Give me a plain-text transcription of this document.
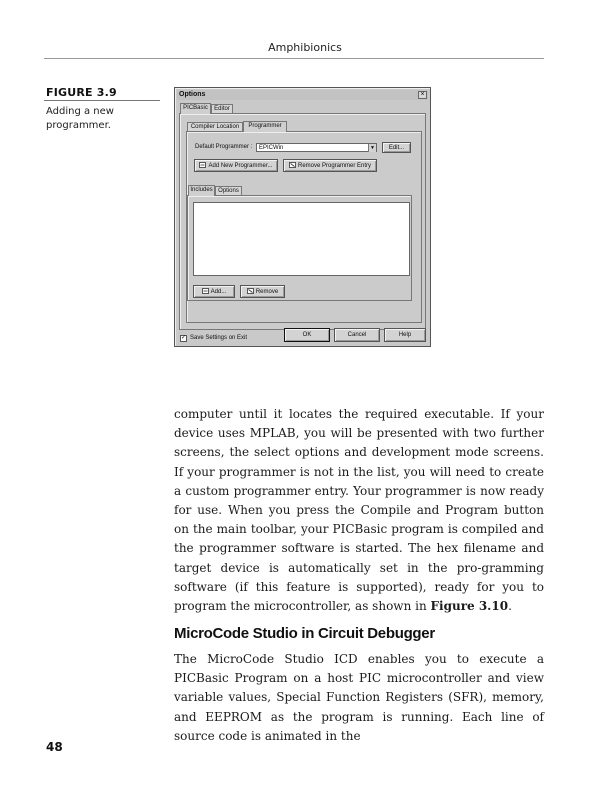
Amphibionics
FIGURE 3.9
Adding a new programmer.
Options	×
PICBasic	Editor
Compiler Location	Programmer
Default Programmer :	EPICWin	▼	Edit...
Add New Programmer...	Remove Programmer Entry
Includes Options
Add...	Remove
✓ Save Settings on Exit	OK	Cancel	Help

computer until it locates the required executable. If your device uses MPLAB, you will be presented with two further screens, the select options and development mode screens. If your programmer is not in the list, you will need to create a custom programmer entry. Your programmer is now ready for use. When you press the Compile and Program button on the main toolbar, your PICBasic program is compiled and the programmer software is started. The hex filename and target device is automatically set in the pro-gramming software (if this feature is supported), ready for you to program the microcontroller, as shown in Figure 3.10.

MicroCode Studio in Circuit Debugger

The MicroCode Studio ICD enables you to execute a PICBasic Program on a host PIC microcontroller and view variable values, Special Function Registers (SFR), memory, and EEPROM as the program is running. Each line of source code is animated in the

48
